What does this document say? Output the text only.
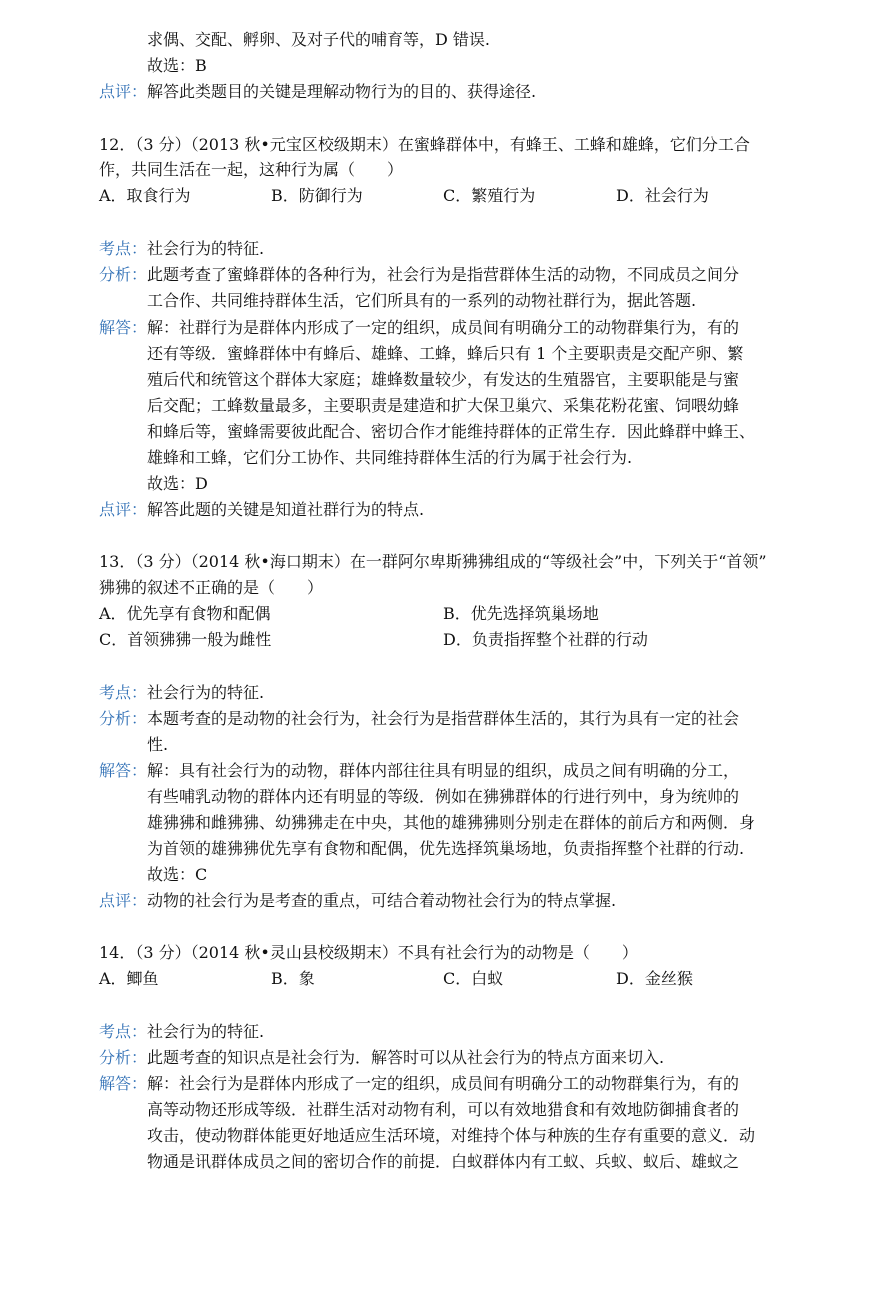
求偶、交配、孵卵、及对子代的哺育等，D 错误.
故选：B
点评：解答此类题目的关键是理解动物行为的目的、获得途径.
12．（3 分）（2013 秋•元宝区校级期末）在蜜蜂群体中，有蜂王、工蜂和雄蜂，它们分工合
作，共同生活在一起，这种行为属（　　）
A．取食行为	B．防御行为	C．繁殖行为	D．社会行为
考点：社会行为的特征.
分析：此题考查了蜜蜂群体的各种行为，社会行为是指营群体生活的动物，不同成员之间分
工合作、共同维持群体生活，它们所具有的一系列的动物社群行为，据此答题.
解答：解：社群行为是群体内形成了一定的组织，成员间有明确分工的动物群集行为，有的
还有等级．蜜蜂群体中有蜂后、雄蜂、工蜂，蜂后只有 1 个主要职责是交配产卵、繁
殖后代和统管这个群体大家庭；雄蜂数量较少，有发达的生殖器官，主要职能是与蜜
后交配；工蜂数量最多，主要职责是建造和扩大保卫巢穴、采集花粉花蜜、饲喂幼蜂
和蜂后等，蜜蜂需要彼此配合、密切合作才能维持群体的正常生存．因此蜂群中蜂王、
雄蜂和工蜂，它们分工协作、共同维持群体生活的行为属于社会行为.
故选：D
点评：解答此题的关键是知道社群行为的特点.
13．（3 分）（2014 秋•海口期末）在一群阿尔卑斯狒狒组成的“等级社会”中，下列关于“首领”
狒狒的叙述不正确的是（　　）
A．优先享有食物和配偶	B．优先选择筑巢场地
C．首领狒狒一般为雌性	D．负责指挥整个社群的行动
考点：社会行为的特征.
分析：本题考查的是动物的社会行为，社会行为是指营群体生活的，其行为具有一定的社会
性.
解答：解：具有社会行为的动物，群体内部往往具有明显的组织，成员之间有明确的分工，
有些哺乳动物的群体内还有明显的等级．例如在狒狒群体的行进行列中，身为统帅的
雄狒狒和雌狒狒、幼狒狒走在中央，其他的雄狒狒则分别走在群体的前后方和两侧．身
为首领的雄狒狒优先享有食物和配偶，优先选择筑巢场地，负责指挥整个社群的行动.
故选：C
点评：动物的社会行为是考查的重点，可结合着动物社会行为的特点掌握.
14．（3 分）（2014 秋•灵山县校级期末）不具有社会行为的动物是（　　）
A．鲫鱼	B．象	C．白蚁	D．金丝猴
考点：社会行为的特征.
分析：此题考查的知识点是社会行为．解答时可以从社会行为的特点方面来切入.
解答：解：社会行为是群体内形成了一定的组织，成员间有明确分工的动物群集行为，有的
高等动物还形成等级．社群生活对动物有利，可以有效地猎食和有效地防御捕食者的
攻击，使动物群体能更好地适应生活环境，对维持个体与种族的生存有重要的意义．动
物通是讯群体成员之间的密切合作的前提．白蚁群体内有工蚁、兵蚁、蚁后、雄蚁之
